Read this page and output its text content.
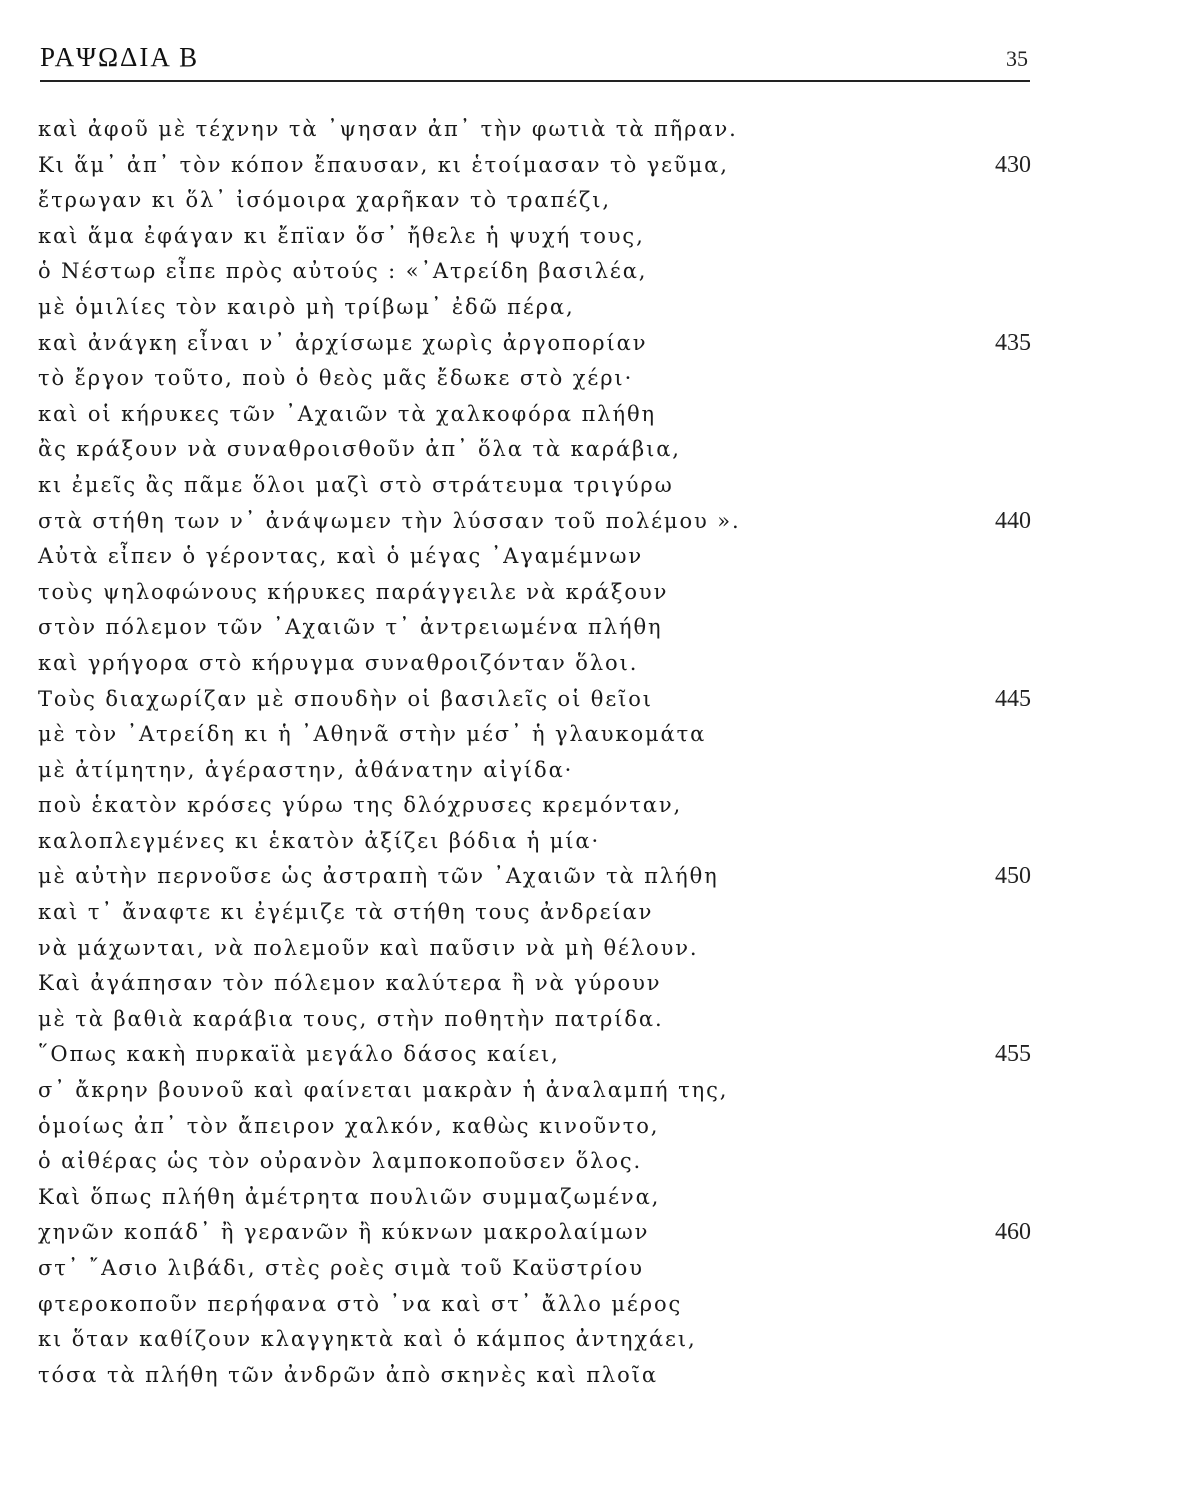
ΡΑΨΩΔΙΑ Β	35
καὶ ἀφοῦ μὲ τέχνην τὰ ᾽ψησαν ἀπ᾽ τὴν φωτιὰ τὰ πῆραν.
Κι ἅμ᾽ ἀπ᾽ τὸν κόπον ἔπαυσαν, κι ἑτοίμασαν τὸ γεῦμα,	430
ἔτρωγαν κι ὅλ᾽ ἰσόμοιρα χαρῆκαν τὸ τραπέζι,
καὶ ἅμα ἐφάγαν κι ἔπϊαν ὅσ᾽ ἤθελε ἡ ψυχή τους,
ὁ Νέστωρ εἶπε πρὸς αὐτούς : «᾽Ατρείδη βασιλέα,
μὲ ὁμιλίες τὸν καιρὸ μὴ τρίβωμ᾽ ἐδῶ πέρα,
καὶ ἀνάγκη εἶναι ν᾽ ἀρχίσωμε χωρὶς ἀργοπορίαν	435
τὸ ἔργον τοῦτο, ποὺ ὁ θεὸς μᾶς ἔδωκε στὸ χέρι·
καὶ οἱ κήρυκες τῶν ᾽Αχαιῶν τὰ χαλκοφόρα πλήθη
ἂς κράξουν νὰ συναθροισθοῦν ἀπ᾽ ὅλα τὰ καράβια,
κι ἐμεῖς ἂς πᾶμε ὅλοι μαζὶ στὸ στράτευμα τριγύρω
στὰ στήθη των ν᾽ ἀνάψωμεν τὴν λύσσαν τοῦ πολέμου ».	440
Αὐτὰ εἶπεν ὁ γέροντας, καὶ ὁ μέγας ᾽Αγαμέμνων
τοὺς ψηλοφώνους κήρυκες παράγγειλε νὰ κράξουν
στὸν πόλεμον τῶν ᾽Αχαιῶν τ᾽ ἀντρειωμένα πλήθη
καὶ γρήγορα στὸ κήρυγμα συναθροιζόνταν ὅλοι.
Τοὺς διαχωρίζαν μὲ σπουδὴν οἱ βασιλεῖς οἱ θεῖοι	445
μὲ τὸν ᾽Ατρείδη κι ἡ ᾽Αθηνᾶ στὴν μέσ᾽ ἡ γλαυκομάτα
μὲ ἀτίμητην, ἀγέραστην, ἀθάνατην αἰγίδα·
ποὺ ἑκατὸν κρόσες γύρω της δλόχρυσες κρεμόνταν,
καλοπλεγμένες κι ἑκατὸν ἀξίζει βόδια ἡ μία·
μὲ αὐτὴν περνοῦσε ὡς ἀστραπὴ τῶν ᾽Αχαιῶν τὰ πλήθη	450
καὶ τ᾽ ἄναφτε κι ἐγέμιζε τὰ στήθη τους ἀνδρείαν
νὰ μάχωνται, νὰ πολεμοῦν καὶ παῦσιν νὰ μὴ θέλουν.
Καὶ ἀγάπησαν τὸν πόλεμον καλύτερα ἢ νὰ γύρουν
μὲ τὰ βαθιὰ καράβια τους, στὴν ποθητὴν πατρίδα.
῞Οπως κακὴ πυρκαϊὰ μεγάλο δάσος καίει,	455
σ᾽ ἄκρην βουνοῦ καὶ φαίνεται μακρὰν ἡ ἀναλαμπή της,
ὁμοίως ἀπ᾽ τὸν ἄπειρον χαλκόν, καθὼς κινοῦντο,
ὁ αἰθέρας ὡς τὸν οὐρανὸν λαμποκοποῦσεν ὅλος.
Καὶ ὅπως πλήθη ἀμέτρητα πουλιῶν συμμαζωμένα,
χηνῶν κοπάδ᾽ ἢ γερανῶν ἢ κύκνων μακρολαίμων	460
στ᾽ ῎Ασιο λιβάδι, στὲς ροὲς σιμὰ τοῦ Καϋστρίου
φτεροκοποῦν περήφανα στὸ ᾽να καὶ στ᾽ ἄλλο μέρος
κι ὅταν καθίζουν κλαγγηκτὰ καὶ ὁ κάμπος ἀντηχάει,
τόσα τὰ πλήθη τῶν ἀνδρῶν ἀπὸ σκηνὲς καὶ πλοῖα
